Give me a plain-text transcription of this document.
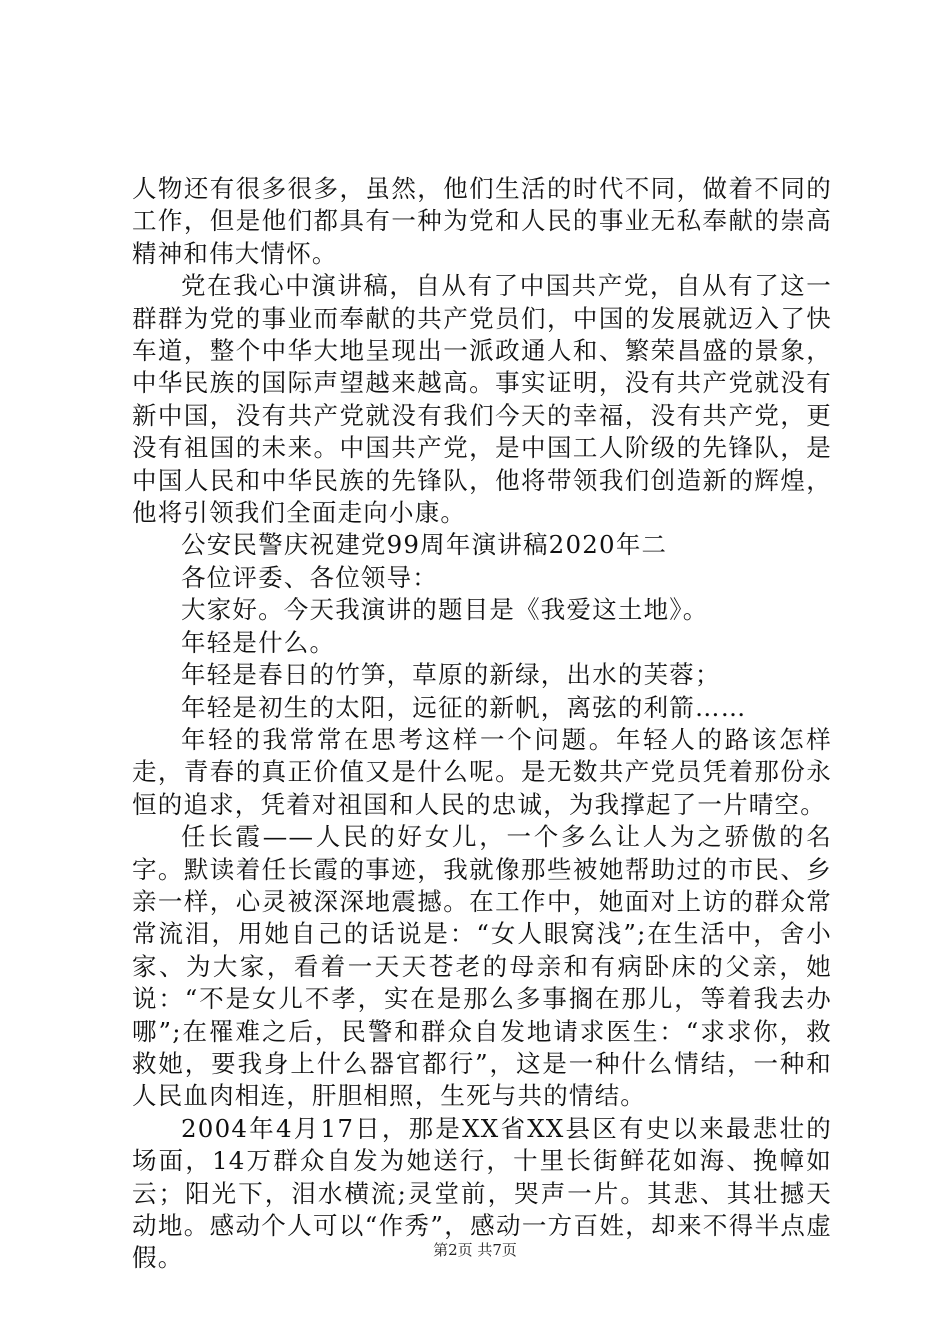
人物还有很多很多，虽然，他们生活的时代不同，做着不同的工作，但是他们都具有一种为党和人民的事业无私奉献的崇高精神和伟大情怀。

党在我心中演讲稿，自从有了中国共产党，自从有了这一群群为党的事业而奉献的共产党员们，中国的发展就迈入了快车道，整个中华大地呈现出一派政通人和、繁荣昌盛的景象，中华民族的国际声望越来越高。事实证明，没有共产党就没有新中国，没有共产党就没有我们今天的幸福，没有共产党，更没有祖国的未来。中国共产党，是中国工人阶级的先锋队，是中国人民和中华民族的先锋队，他将带领我们创造新的辉煌，他将引领我们全面走向小康。

公安民警庆祝建党99周年演讲稿2020年二

各位评委、各位领导：

大家好。今天我演讲的题目是《我爱这土地》。

年轻是什么。

年轻是春日的竹笋，草原的新绿，出水的芙蓉；

年轻是初生的太阳，远征的新帆，离弦的利箭……

年轻的我常常在思考这样一个问题。年轻人的路该怎样走，青春的真正价值又是什么呢。是无数共产党员凭着那份永恒的追求，凭着对祖国和人民的忠诚，为我撑起了一片晴空。

任长霞——人民的好女儿，一个多么让人为之骄傲的名字。默读着任长霞的事迹，我就像那些被她帮助过的市民、乡亲一样，心灵被深深地震撼。在工作中，她面对上访的群众常常流泪，用她自己的话说是：“女人眼窝浅”;在生活中，舍小家、为大家，看着一天天苍老的母亲和有病卧床的父亲，她说：“不是女儿不孝，实在是那么多事搁在那儿，等着我去办哪”;在罹难之后，民警和群众自发地请求医生：“求求你，救救她，要我身上什么器官都行”，这是一种什么情结，一种和人民血肉相连，肝胆相照，生死与共的情结。

2004年4月17日，那是XX省XX县区有史以来最悲壮的场面，14万群众自发为她送行，十里长街鲜花如海、挽幛如云；阳光下，泪水横流;灵堂前，哭声一片。其悲、其壮撼天动地。感动个人可以“作秀”，感动一方百姓，却来不得半点虚假。	第2页 共7页
